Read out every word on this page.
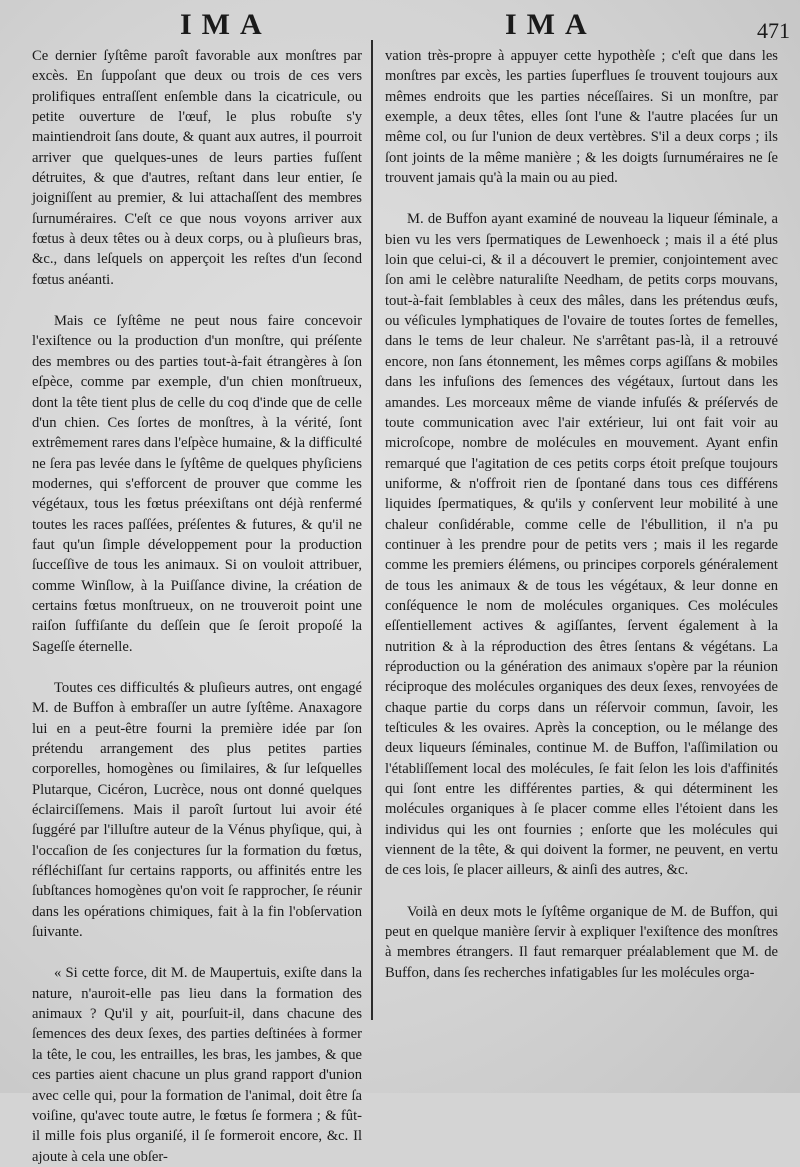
IMA	IMA	471

Ce dernier ſyſtême paroît favorable aux monſtres par excès. En ſuppoſant que deux ou trois de ces vers prolifiques entraſſent enſemble dans la cicatricule, ou petite ouverture de l'œuf, le plus robuſte s'y maintiendroit ſans doute, & quant aux autres, il pourroit arriver que quelques-unes de leurs parties fuſſent détruites, & que d'autres, reſtant dans leur entier, ſe joigniſſent au premier, & lui attachaſſent des membres ſurnuméraires. C'eſt ce que nous voyons arriver aux fœtus à deux têtes ou à deux corps, ou à pluſieurs bras, &c., dans leſquels on apperçoit les reſtes d'un ſecond fœtus anéanti.

Mais ce ſyſtême ne peut nous faire concevoir l'exiſtence ou la production d'un monſtre, qui préſente des membres ou des parties tout-à-fait étrangères à ſon eſpèce, comme par exemple, d'un chien monſtrueux, dont la tête tient plus de celle du coq d'inde que de celle d'un chien. Ces ſortes de monſtres, à la vérité, ſont extrêmement rares dans l'eſpèce humaine, & la difficulté ne ſera pas levée dans le ſyſtême de quelques phyſiciens modernes, qui s'efforcent de prouver que comme les végétaux, tous les fœtus préexiſtans ont déjà renfermé toutes les races paſſées, préſentes & futures, & qu'il ne faut qu'un ſimple développement pour la production ſucceſſive de tous les animaux. Si on vouloit attribuer, comme Winſlow, à la Puiſſance divine, la création de certains fœtus monſtrueux, on ne trouveroit point une raiſon ſuffiſante du deſſein que ſe ſeroit propoſé la Sageſſe éternelle.

Toutes ces difficultés & pluſieurs autres, ont engagé M. de Buffon à embraſſer un autre ſyſtême. Anaxagore lui en a peut-être fourni la première idée par ſon prétendu arrangement des plus petites parties corporelles, homogènes ou ſimilaires, & ſur leſquelles Plutarque, Cicéron, Lucrèce, nous ont donné quelques éclairciſſemens. Mais il paroît ſurtout lui avoir été ſuggéré par l'illuſtre auteur de la Vénus phyſique, qui, à l'occaſion de ſes conjectures ſur la formation du fœtus, réfléchiſſant ſur certains rapports, ou affinités entre les ſubſtances homogènes qu'on voit ſe rapprocher, ſe réunir dans les opérations chimiques, fait à la fin l'obſervation ſuivante.

« Si cette force, dit M. de Maupertuis, exiſte dans la nature, n'auroit-elle pas lieu dans la formation des animaux ? Qu'il y ait, pourſuit-il, dans chacune des ſemences des deux ſexes, des parties deſtinées à former la tête, le cou, les entrailles, les bras, les jambes, & que ces parties aient chacune un plus grand rapport d'union avec celle qui, pour la formation de l'animal, doit être ſa voiſine, qu'avec toute autre, le fœtus ſe formera ; & fût-il mille fois plus organiſé, il ſe formeroit encore, &c. Il ajoute à cela une obſer-

vation très-propre à appuyer cette hypothèſe ; c'eſt que dans les monſtres par excès, les parties ſuperflues ſe trouvent toujours aux mêmes endroits que les parties néceſſaires. Si un monſtre, par exemple, a deux têtes, elles ſont l'une & l'autre placées ſur un même col, ou ſur l'union de deux vertèbres. S'il a deux corps ; ils ſont joints de la même manière ; & les doigts ſurnuméraires ne ſe trouvent jamais qu'à la main ou au pied.

M. de Buffon ayant examiné de nouveau la liqueur ſéminale, a bien vu les vers ſpermatiques de Lewenhoeck ; mais il a été plus loin que celui-ci, & il a découvert le premier, conjointement avec ſon ami le celèbre naturaliſte Needham, de petits corps mouvans, tout-à-fait ſemblables à ceux des mâles, dans les prétendus œufs, ou véſicules lymphatiques de l'ovaire de toutes ſortes de femelles, dans le tems de leur chaleur. Ne s'arrêtant pas-là, il a retrouvé encore, non ſans étonnement, les mêmes corps agiſſans & mobiles dans les infuſions des ſemences des végétaux, ſurtout dans les amandes. Les morceaux même de viande infuſés & préſervés de toute communication avec l'air extérieur, lui ont fait voir au microſcope, nombre de molécules en mouvement. Ayant enfin remarqué que l'agitation de ces petits corps étoit preſque toujours uniforme, & n'offroit rien de ſpontané dans tous ces différens liquides ſpermatiques, & qu'ils y conſervent leur mobilité à une chaleur conſidérable, comme celle de l'ébullition, il n'a pu continuer à les prendre pour de petits vers ; mais il les regarde comme les premiers élémens, ou principes corporels généralement de tous les animaux & de tous les végétaux, & leur donne en conſéquence le nom de molécules organiques. Ces molécules eſſentiellement actives & agiſſantes, ſervent également à la nutrition & à la réproduction des êtres ſentans & végétans. La réproduction ou la génération des animaux s'opère par la réunion réciproque des molécules organiques des deux ſexes, renvoyées de chaque partie du corps dans un réſervoir commun, ſavoir, les teſticules & les ovaires. Après la conception, ou le mélange des deux liqueurs ſéminales, continue M. de Buffon, l'aſſimilation ou l'établiſſement local des molécules, ſe fait ſelon les lois d'affinités qui ſont entre les différentes parties, & qui déterminent les molécules organiques à ſe placer comme elles l'étoient dans les individus qui les ont fournies ; enſorte que les molécules qui viennent de la tête, & qui doivent la former, ne peuvent, en vertu de ces lois, ſe placer ailleurs, & ainſi des autres, &c.

Voilà en deux mots le ſyſtême organique de M. de Buffon, qui peut en quelque manière ſervir à expliquer l'exiſtence des monſtres à membres étrangers. Il faut remarquer préalablement que M. de Buffon, dans ſes recherches infatigables ſur les molécules orga-
